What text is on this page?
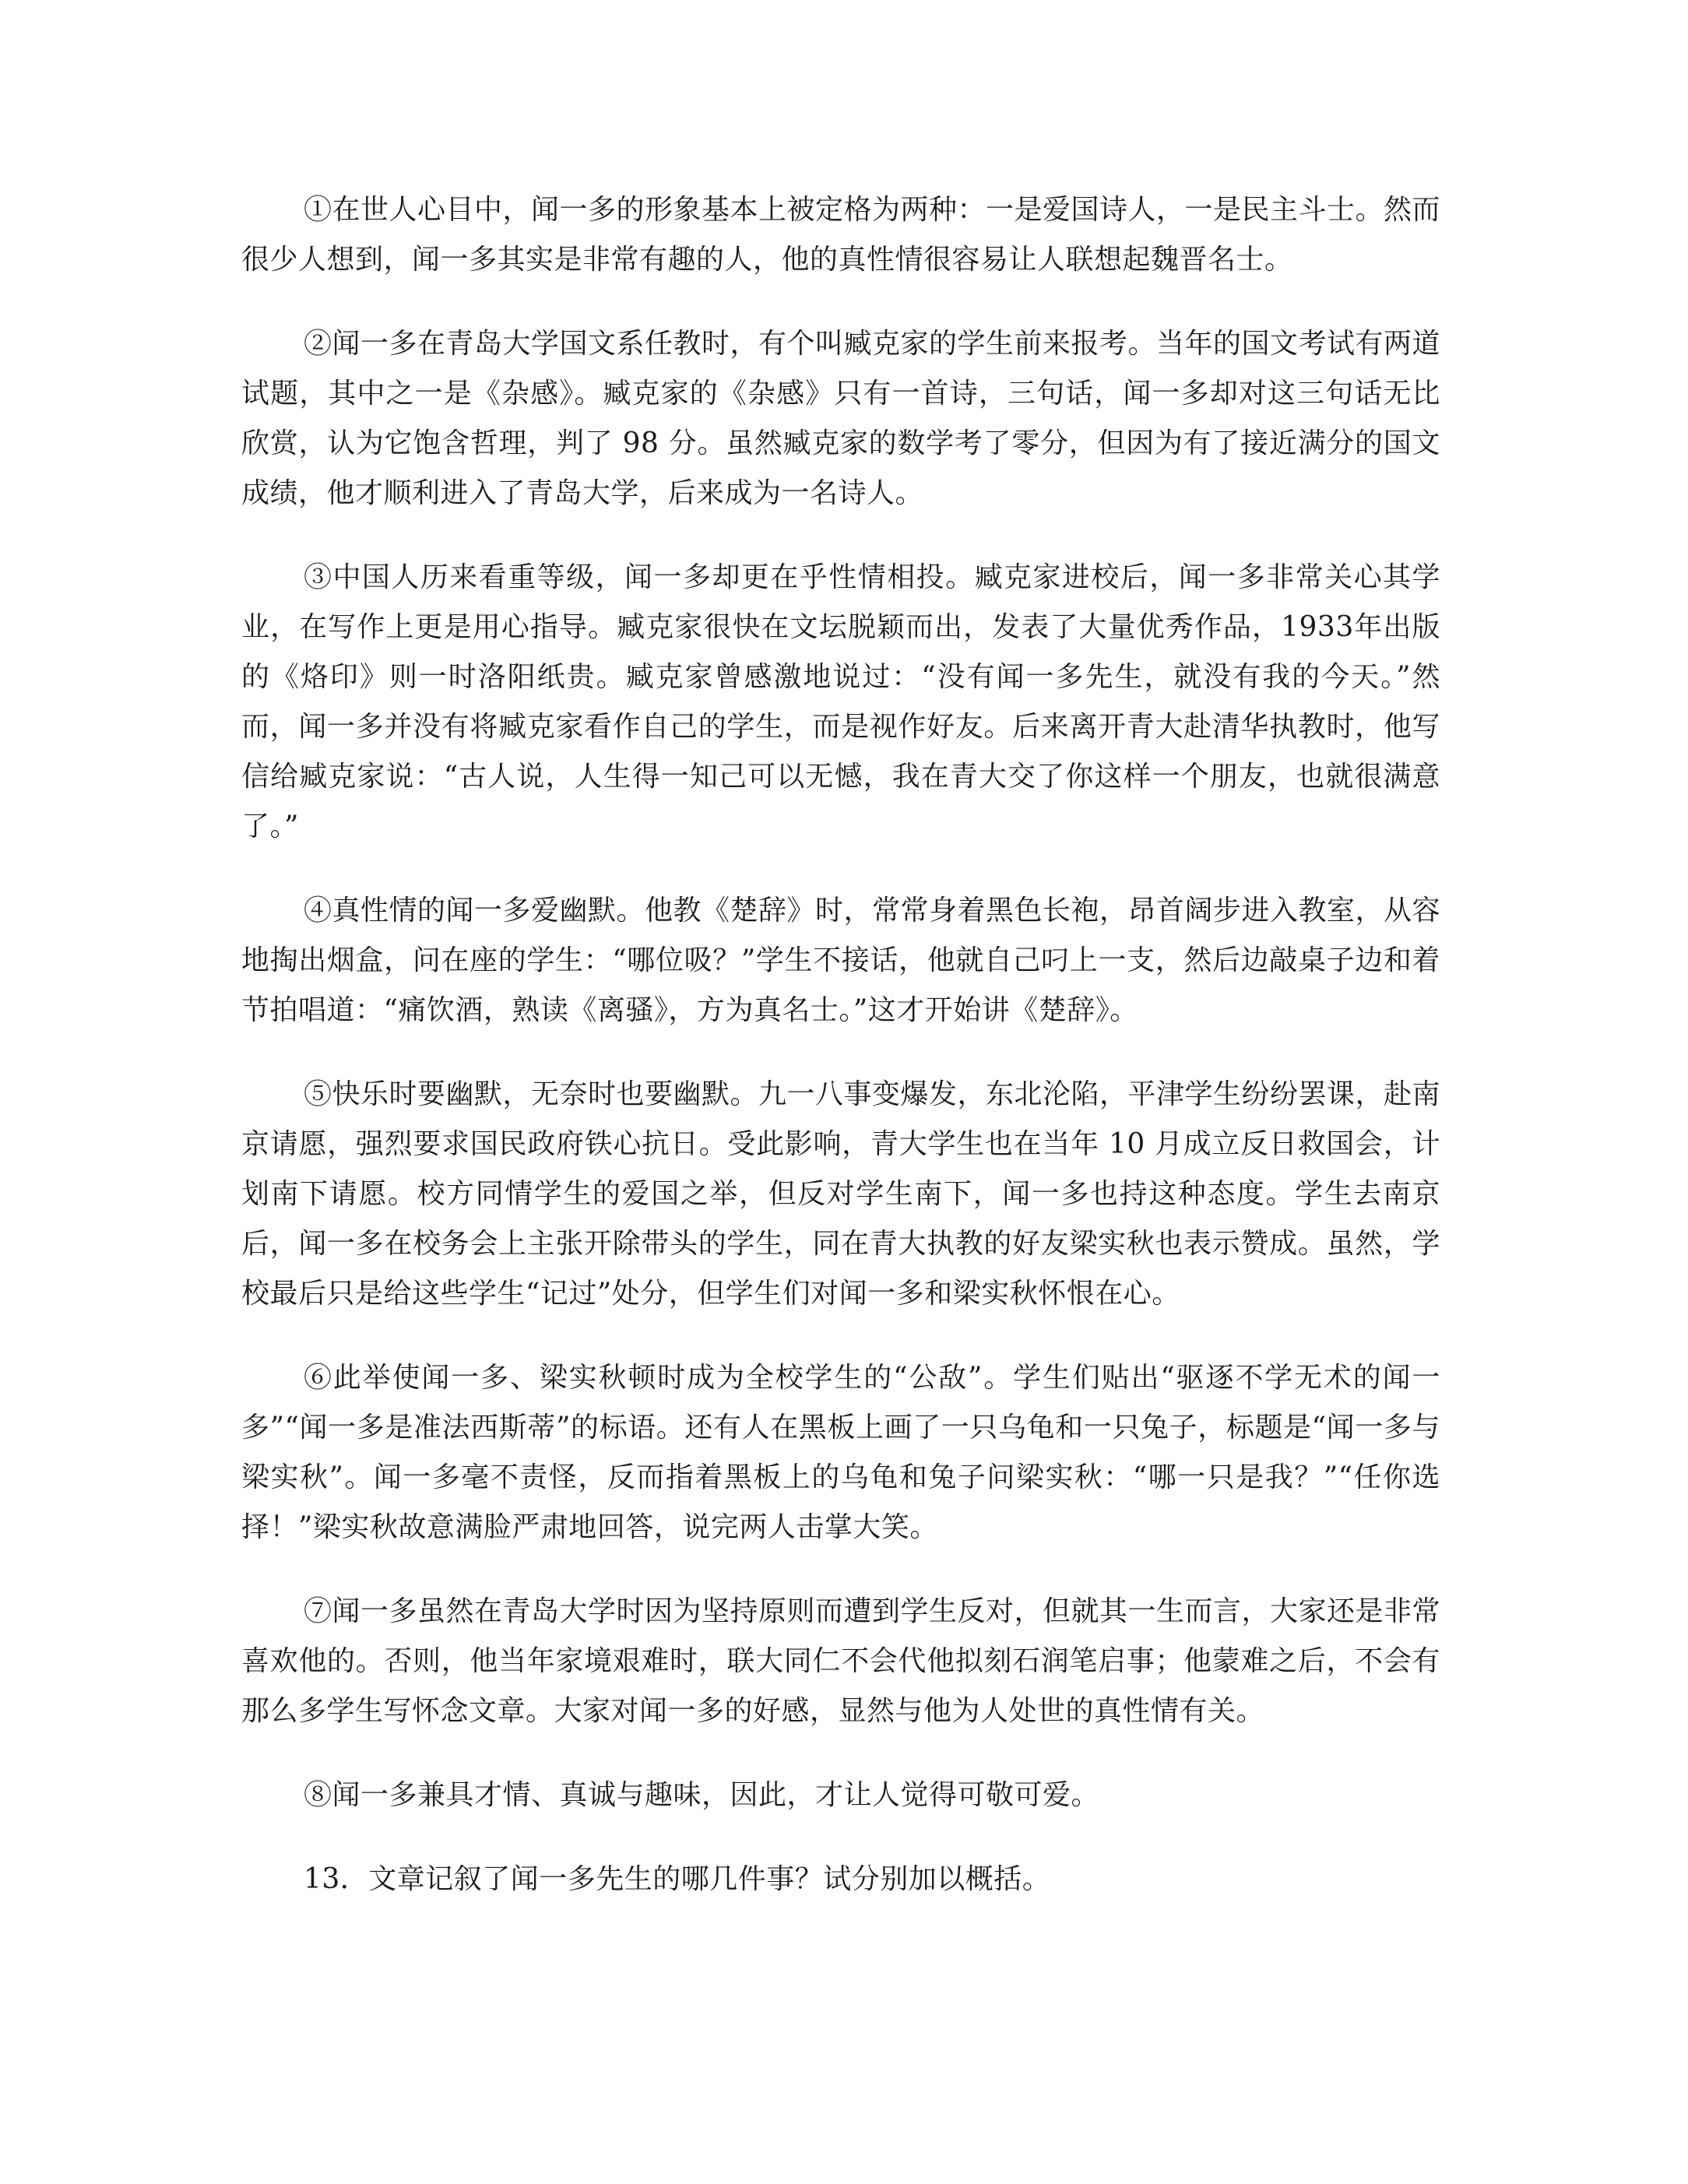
①在世人心目中，闻一多的形象基本上被定格为两种：一是爱国诗人，一是民主斗士。然而很少人想到，闻一多其实是非常有趣的人，他的真性情很容易让人联想起魏晋名士。

②闻一多在青岛大学国文系任教时，有个叫臧克家的学生前来报考。当年的国文考试有两道试题，其中之一是《杂感》。臧克家的《杂感》只有一首诗，三句话，闻一多却对这三句话无比欣赏，认为它饱含哲理，判了 98 分。虽然臧克家的数学考了零分，但因为有了接近满分的国文成绩，他才顺利进入了青岛大学，后来成为一名诗人。

③中国人历来看重等级，闻一多却更在乎性情相投。臧克家进校后，闻一多非常关心其学业，在写作上更是用心指导。臧克家很快在文坛脱颖而出，发表了大量优秀作品，1933年出版的《烙印》则一时洛阳纸贵。臧克家曾感激地说过：“没有闻一多先生，就没有我的今天。”然而，闻一多并没有将臧克家看作自己的学生，而是视作好友。后来离开青大赴清华执教时，他写信给臧克家说：“古人说，人生得一知己可以无憾，我在青大交了你这样一个朋友，也就很满意了。”

④真性情的闻一多爱幽默。他教《楚辞》时，常常身着黑色长袍，昂首阔步进入教室，从容地掏出烟盒，问在座的学生：“哪位吸？”学生不接话，他就自己叼上一支，然后边敲桌子边和着节拍唱道：“痛饮酒，熟读《离骚》，方为真名士。”这才开始讲《楚辞》。

⑤快乐时要幽默，无奈时也要幽默。九一八事变爆发，东北沦陷，平津学生纷纷罢课，赴南京请愿，强烈要求国民政府铁心抗日。受此影响，青大学生也在当年 10 月成立反日救国会，计划南下请愿。校方同情学生的爱国之举，但反对学生南下，闻一多也持这种态度。学生去南京后，闻一多在校务会上主张开除带头的学生，同在青大执教的好友梁实秋也表示赞成。虽然，学校最后只是给这些学生“记过”处分，但学生们对闻一多和梁实秋怀恨在心。

⑥此举使闻一多、梁实秋顿时成为全校学生的“公敌”。学生们贴出“驱逐不学无术的闻一多”“闻一多是准法西斯蒂”的标语。还有人在黑板上画了一只乌龟和一只兔子，标题是“闻一多与梁实秋”。闻一多毫不责怪，反而指着黑板上的乌龟和兔子问梁实秋：“哪一只是我？”“任你选择！”梁实秋故意满脸严肃地回答，说完两人击掌大笑。

⑦闻一多虽然在青岛大学时因为坚持原则而遭到学生反对，但就其一生而言，大家还是非常喜欢他的。否则，他当年家境艰难时，联大同仁不会代他拟刻石润笔启事；他蒙难之后，不会有那么多学生写怀念文章。大家对闻一多的好感，显然与他为人处世的真性情有关。

⑧闻一多兼具才情、真诚与趣味，因此，才让人觉得可敬可爱。

13．文章记叙了闻一多先生的哪几件事？试分别加以概括。
